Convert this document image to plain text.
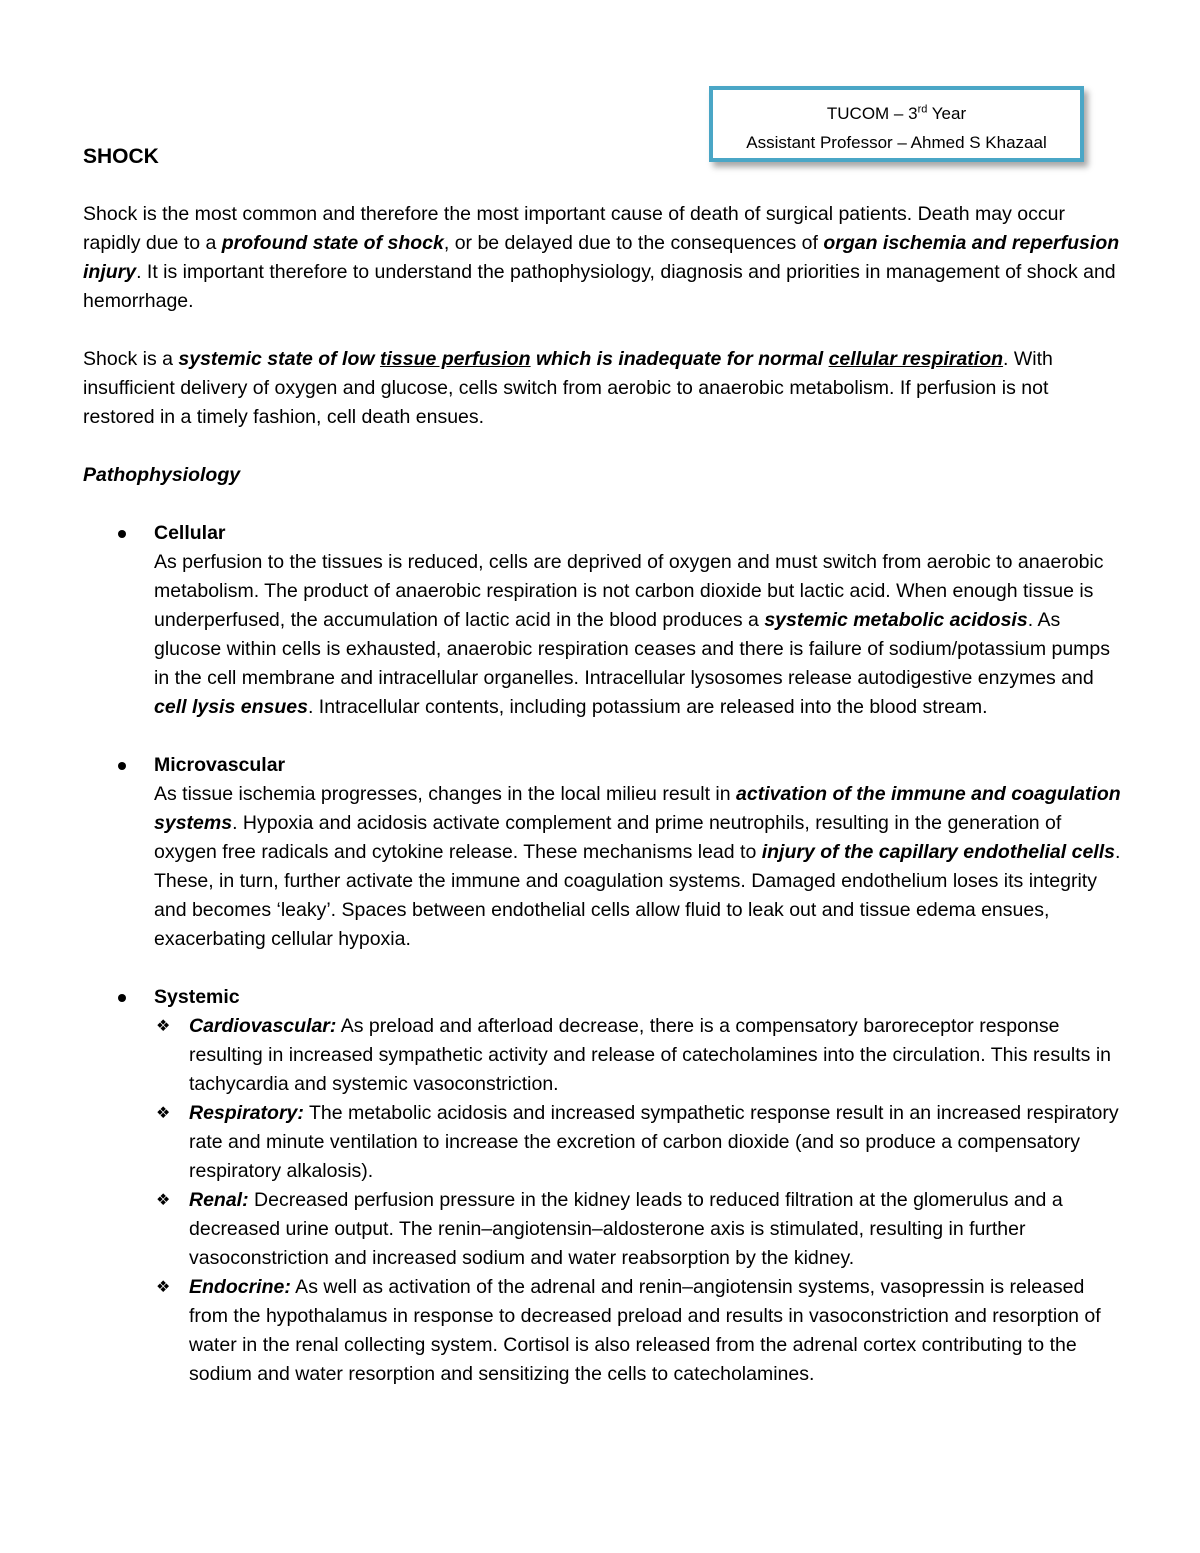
TUCOM – 3rd Year
Assistant Professor – Ahmed S Khazaal
SHOCK

Shock is the most common and therefore the most important cause of death of surgical patients. Death may occur rapidly due to a profound state of shock, or be delayed due to the consequences of organ ischemia and reperfusion injury. It is important therefore to understand the pathophysiology, diagnosis and priorities in management of shock and hemorrhage.

Shock is a systemic state of low tissue perfusion which is inadequate for normal cellular respiration. With insufficient delivery of oxygen and glucose, cells switch from aerobic to anaerobic metabolism. If perfusion is not restored in a timely fashion, cell death ensues.

Pathophysiology
Cellular

As perfusion to the tissues is reduced, cells are deprived of oxygen and must switch from aerobic to anaerobic metabolism. The product of anaerobic respiration is not carbon dioxide but lactic acid. When enough tissue is underperfused, the accumulation of lactic acid in the blood produces a systemic metabolic acidosis. As glucose within cells is exhausted, anaerobic respiration ceases and there is failure of sodium/potassium pumps in the cell membrane and intracellular organelles. Intracellular lysosomes release autodigestive enzymes and cell lysis ensues. Intracellular contents, including potassium are released into the blood stream.

Microvascular

As tissue ischemia progresses, changes in the local milieu result in activation of the immune and coagulation systems. Hypoxia and acidosis activate complement and prime neutrophils, resulting in the generation of oxygen free radicals and cytokine release. These mechanisms lead to injury of the capillary endothelial cells. These, in turn, further activate the immune and coagulation systems. Damaged endothelium loses its integrity and becomes ‘leaky’. Spaces between endothelial cells allow fluid to leak out and tissue edema ensues, exacerbating cellular hypoxia.

Systemic
❖ Cardiovascular: As preload and afterload decrease, there is a compensatory baroreceptor response resulting in increased sympathetic activity and release of catecholamines into the circulation. This results in tachycardia and systemic vasoconstriction.
❖ Respiratory: The metabolic acidosis and increased sympathetic response result in an increased respiratory rate and minute ventilation to increase the excretion of carbon dioxide (and so produce a compensatory respiratory alkalosis).
❖ Renal: Decreased perfusion pressure in the kidney leads to reduced filtration at the glomerulus and a decreased urine output. The renin–angiotensin–aldosterone axis is stimulated, resulting in further vasoconstriction and increased sodium and water reabsorption by the kidney.
❖ Endocrine: As well as activation of the adrenal and renin–angiotensin systems, vasopressin is released from the hypothalamus in response to decreased preload and results in vasoconstriction and resorption of water in the renal collecting system. Cortisol is also released from the adrenal cortex contributing to the sodium and water resorption and sensitizing the cells to catecholamines.
